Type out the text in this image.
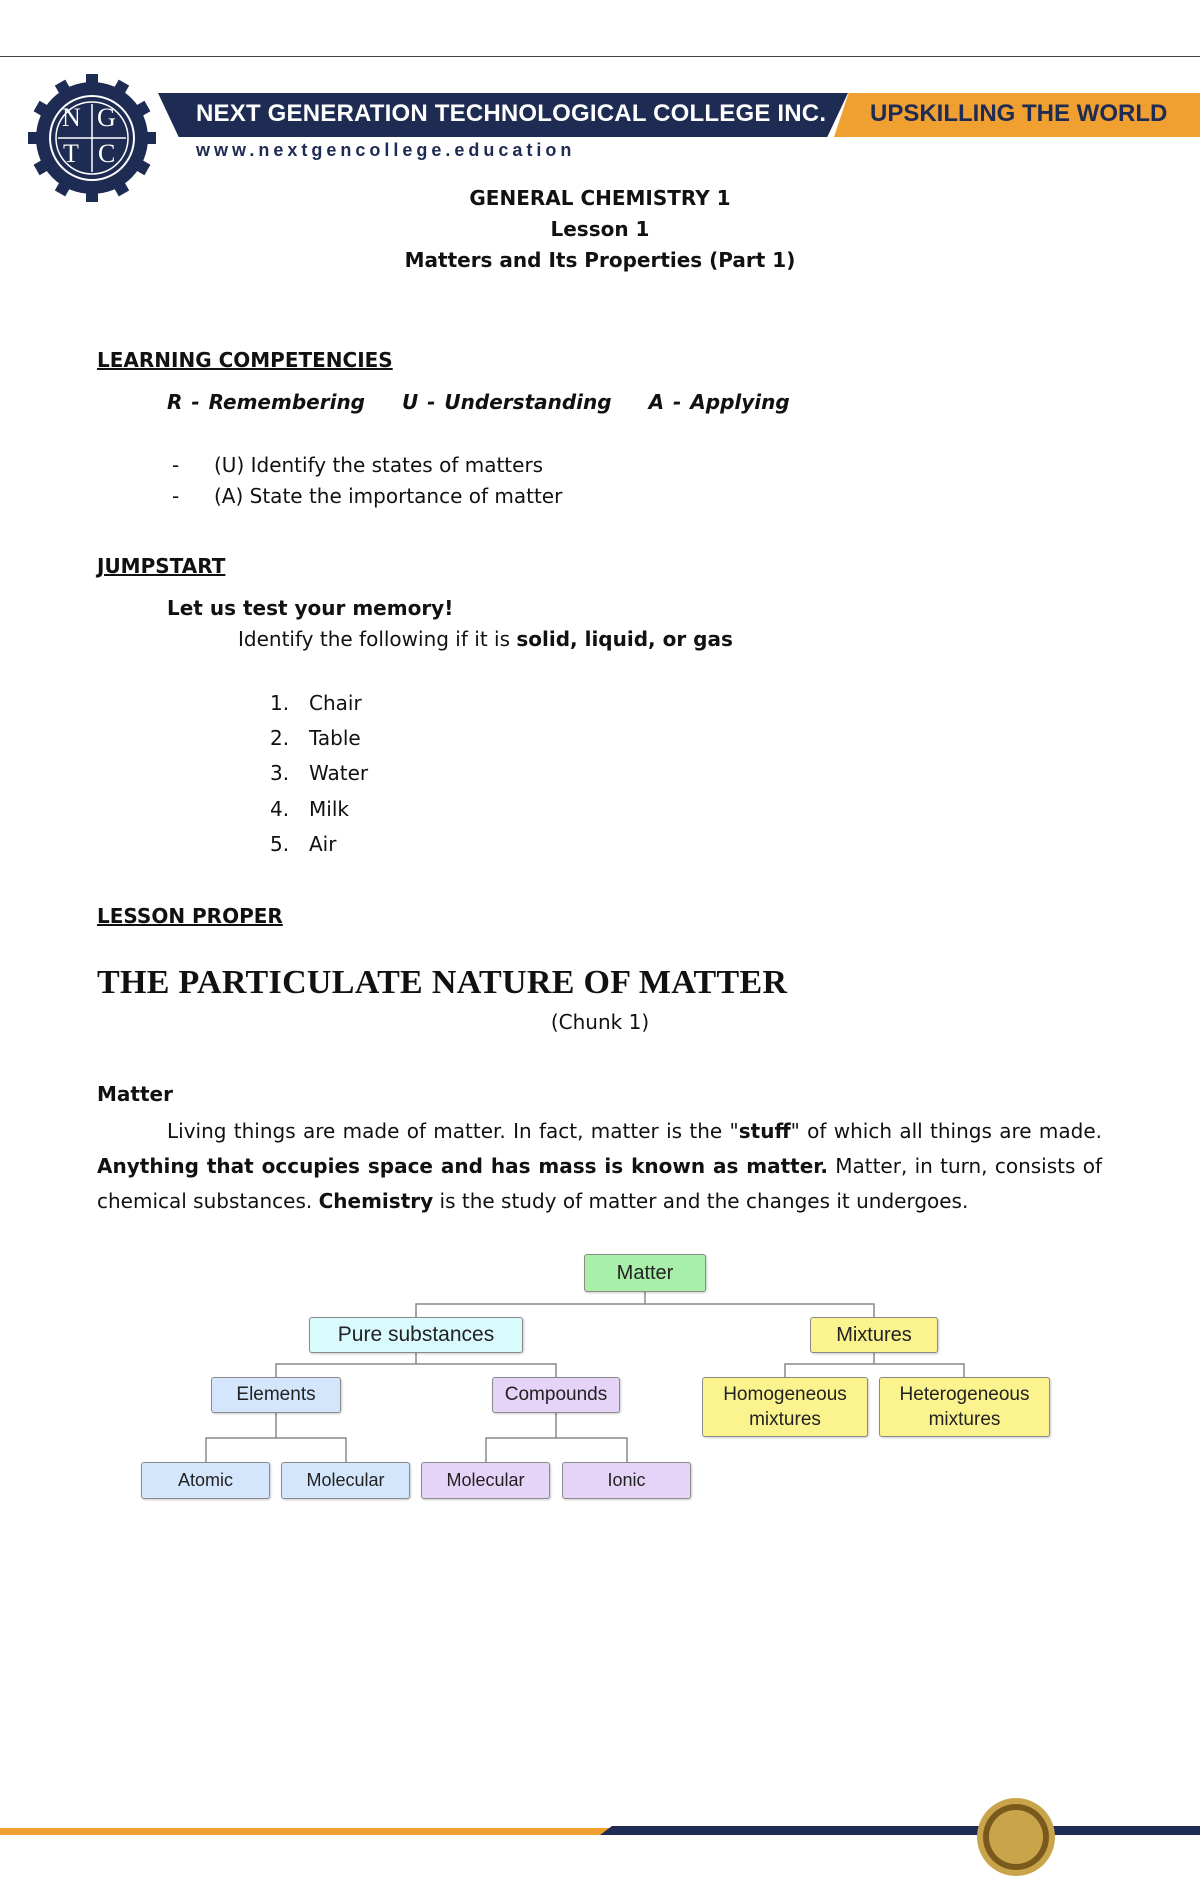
N G
T C
NEXT GENERATION TECHNOLOGICAL COLLEGE INC. UPSKILLING THE WORLD
www.nextgencollege.education
GENERAL CHEMISTRY 1
Lesson 1
Matters and Its Properties (Part 1)
LEARNING COMPETENCIES
R - Remembering U - Understanding A - Applying
- (U) Identify the states of matters
- (A) State the importance of matter
JUMPSTART
Let us test your memory!
Identify the following if it is solid, liquid, or gas
1. Chair
2. Table
3. Water
4. Milk
5. Air
LESSON PROPER
THE PARTICULATE NATURE OF MATTER
(Chunk 1)
Matter
Living things are made of matter. In fact, matter is the "stuff" of which all things are made. Anything that occupies space and has mass is known as matter. Matter, in turn, consists of chemical substances. Chemistry is the study of matter and the changes it undergoes.
Matter
Pure substances	Mixtures
Elements	Compounds	Homogeneous mixtures
Heterogeneous mixtures
Atomic	Molecular	Molecular	Ionic
